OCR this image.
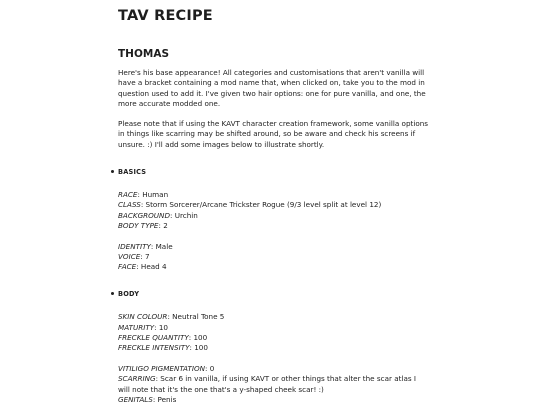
TAV RECIPE
THOMAS

Here's his base appearance! All categories and customisations that aren't vanilla will have a bracket containing a mod name that, when clicked on, take you to the mod in question used to add it. I've given two hair options: one for pure vanilla, and one, the more accurate modded one.

Please note that if using the KAVT character creation framework, some vanilla options in things like scarring may be shifted around, so be aware and check his screens if unsure. :) I'll add some images below to illustrate shortly.

BASICS
RACE: Human
CLASS: Storm Sorcerer/Arcane Trickster Rogue (9/3 level split at level 12)
BACKGROUND: Urchin
BODY TYPE: 2
IDENTITY: Male
VOICE: 7
FACE: Head 4
BODY
SKIN COLOUR: Neutral Tone 5
MATURITY: 10
FRECKLE QUANTITY: 100
FRECKLE INTENSITY: 100
VITILIGO PIGMENTATION: 0
SCARRING: Scar 6 in vanilla, if using KAVT or other things that alter the scar atlas I will note that it's the one that's a y-shaped cheek scar! :)
GENITALS: Penis
